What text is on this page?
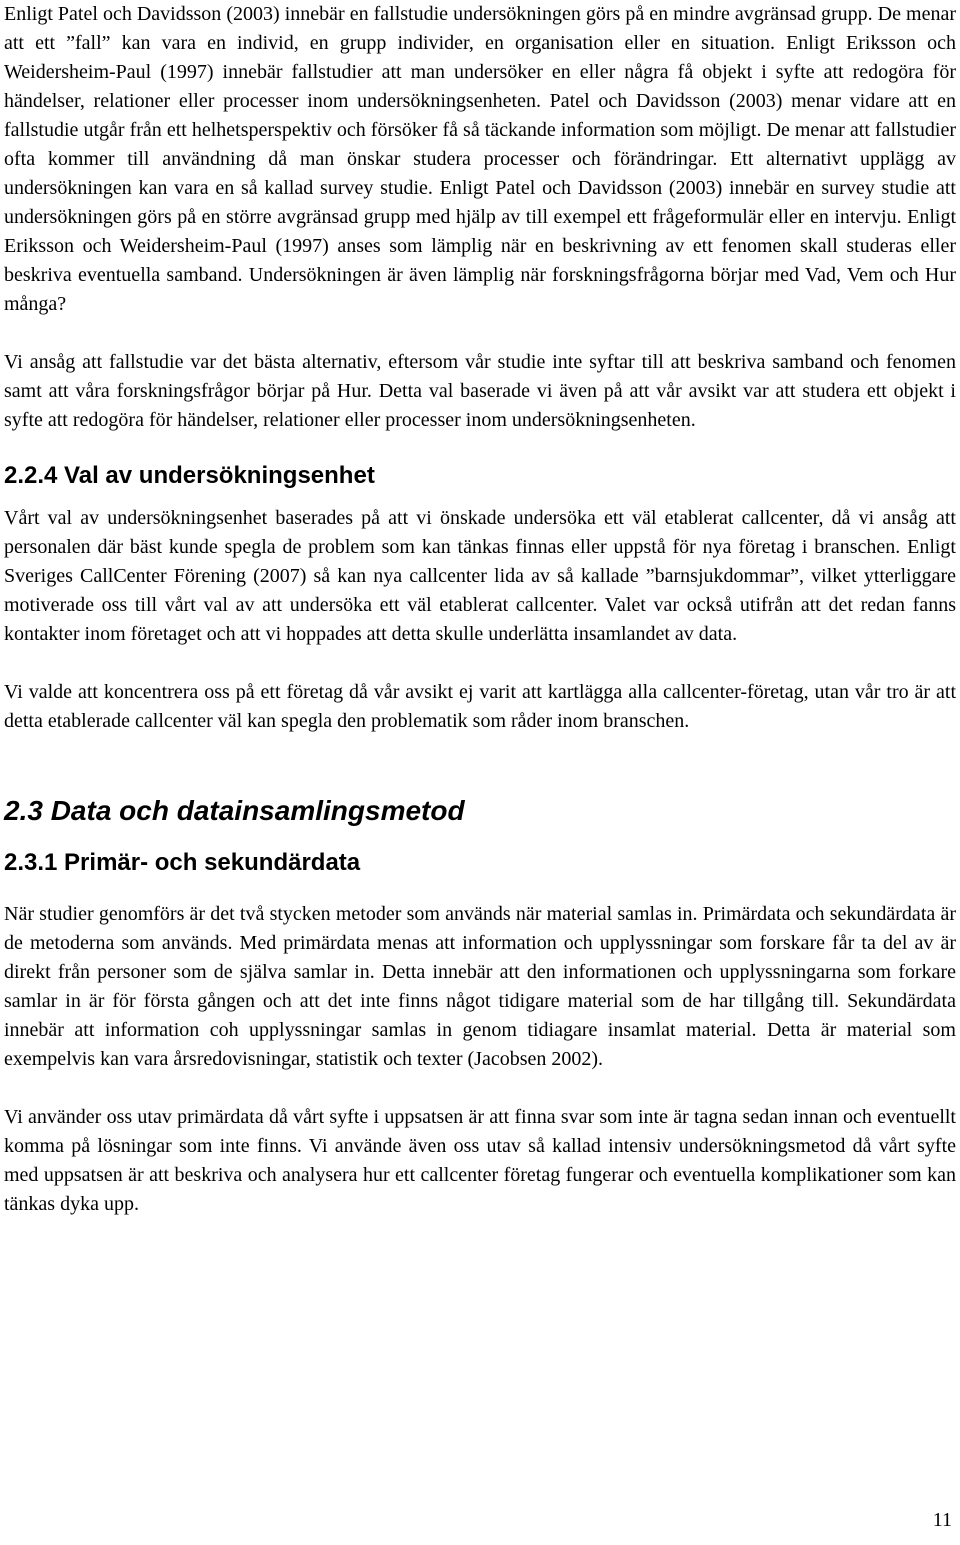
Enligt Patel och Davidsson (2003) innebär en fallstudie undersökningen görs på en mindre avgränsad grupp. De menar att ett ”fall” kan vara en individ, en grupp individer, en organisation eller en situation. Enligt Eriksson och Weidersheim-Paul (1997) innebär fallstudier att man undersöker en eller några få objekt i syfte att redogöra för händelser, relationer eller processer inom undersökningsenheten. Patel och Davidsson (2003) menar vidare att en fallstudie utgår från ett helhetsperspektiv och försöker få så täckande information som möjligt. De menar att fallstudier ofta kommer till användning då man önskar studera processer och förändringar. Ett alternativt upplägg av undersökningen kan vara en så kallad survey studie. Enligt Patel och Davidsson (2003) innebär en survey studie att undersökningen görs på en större avgränsad grupp med hjälp av till exempel ett frågeformulär eller en intervju. Enligt Eriksson och Weidersheim-Paul (1997) anses som lämplig när en beskrivning av ett fenomen skall studeras eller beskriva eventuella samband. Undersökningen är även lämplig när forskningsfrågorna börjar med Vad, Vem och Hur många?

Vi ansåg att fallstudie var det bästa alternativ, eftersom vår studie inte syftar till att beskriva samband och fenomen samt att våra forskningsfrågor börjar på Hur. Detta val baserade vi även på att vår avsikt var att studera ett objekt i syfte att redogöra för händelser, relationer eller processer inom undersökningsenheten.

2.2.4 Val av undersökningsenhet

Vårt val av undersökningsenhet baserades på att vi önskade undersöka ett väl etablerat callcenter, då vi ansåg att personalen där bäst kunde spegla de problem som kan tänkas finnas eller uppstå för nya företag i branschen. Enligt Sveriges CallCenter Förening (2007) så kan nya callcenter lida av så kallade ”barnsjukdommar”, vilket ytterliggare motiverade oss till vårt val av att undersöka ett väl etablerat callcenter. Valet var också utifrån att det redan fanns kontakter inom företaget och att vi hoppades att detta skulle underlätta insamlandet av data.

Vi valde att koncentrera oss på ett företag då vår avsikt ej varit att kartlägga alla callcenter-företag, utan vår tro är att detta etablerade callcenter väl kan spegla den problematik som råder inom branschen.

2.3 Data och datainsamlingsmetod
2.3.1 Primär- och sekundärdata

När studier genomförs är det två stycken metoder som används när material samlas in. Primärdata och sekundärdata är de metoderna som används. Med primärdata menas att information och upplyssningar som forskare får ta del av är direkt från personer som de själva samlar in. Detta innebär att den informationen och upplyssningarna som forkare samlar in är för första gången och att det inte finns något tidigare material som de har tillgång till. Sekundärdata innebär att information coh upplyssningar samlas in genom tidiagare insamlat material. Detta är material som exempelvis kan vara årsredovisningar, statistik och texter (Jacobsen 2002).

Vi använder oss utav primärdata då vårt syfte i uppsatsen är att finna svar som inte är tagna sedan innan och eventuellt komma på lösningar som inte finns. Vi använde även oss utav så kallad intensiv undersökningsmetod då vårt syfte med uppsatsen är att beskriva och analysera hur ett callcenter företag fungerar och eventuella komplikationer som kan tänkas dyka upp.

11
